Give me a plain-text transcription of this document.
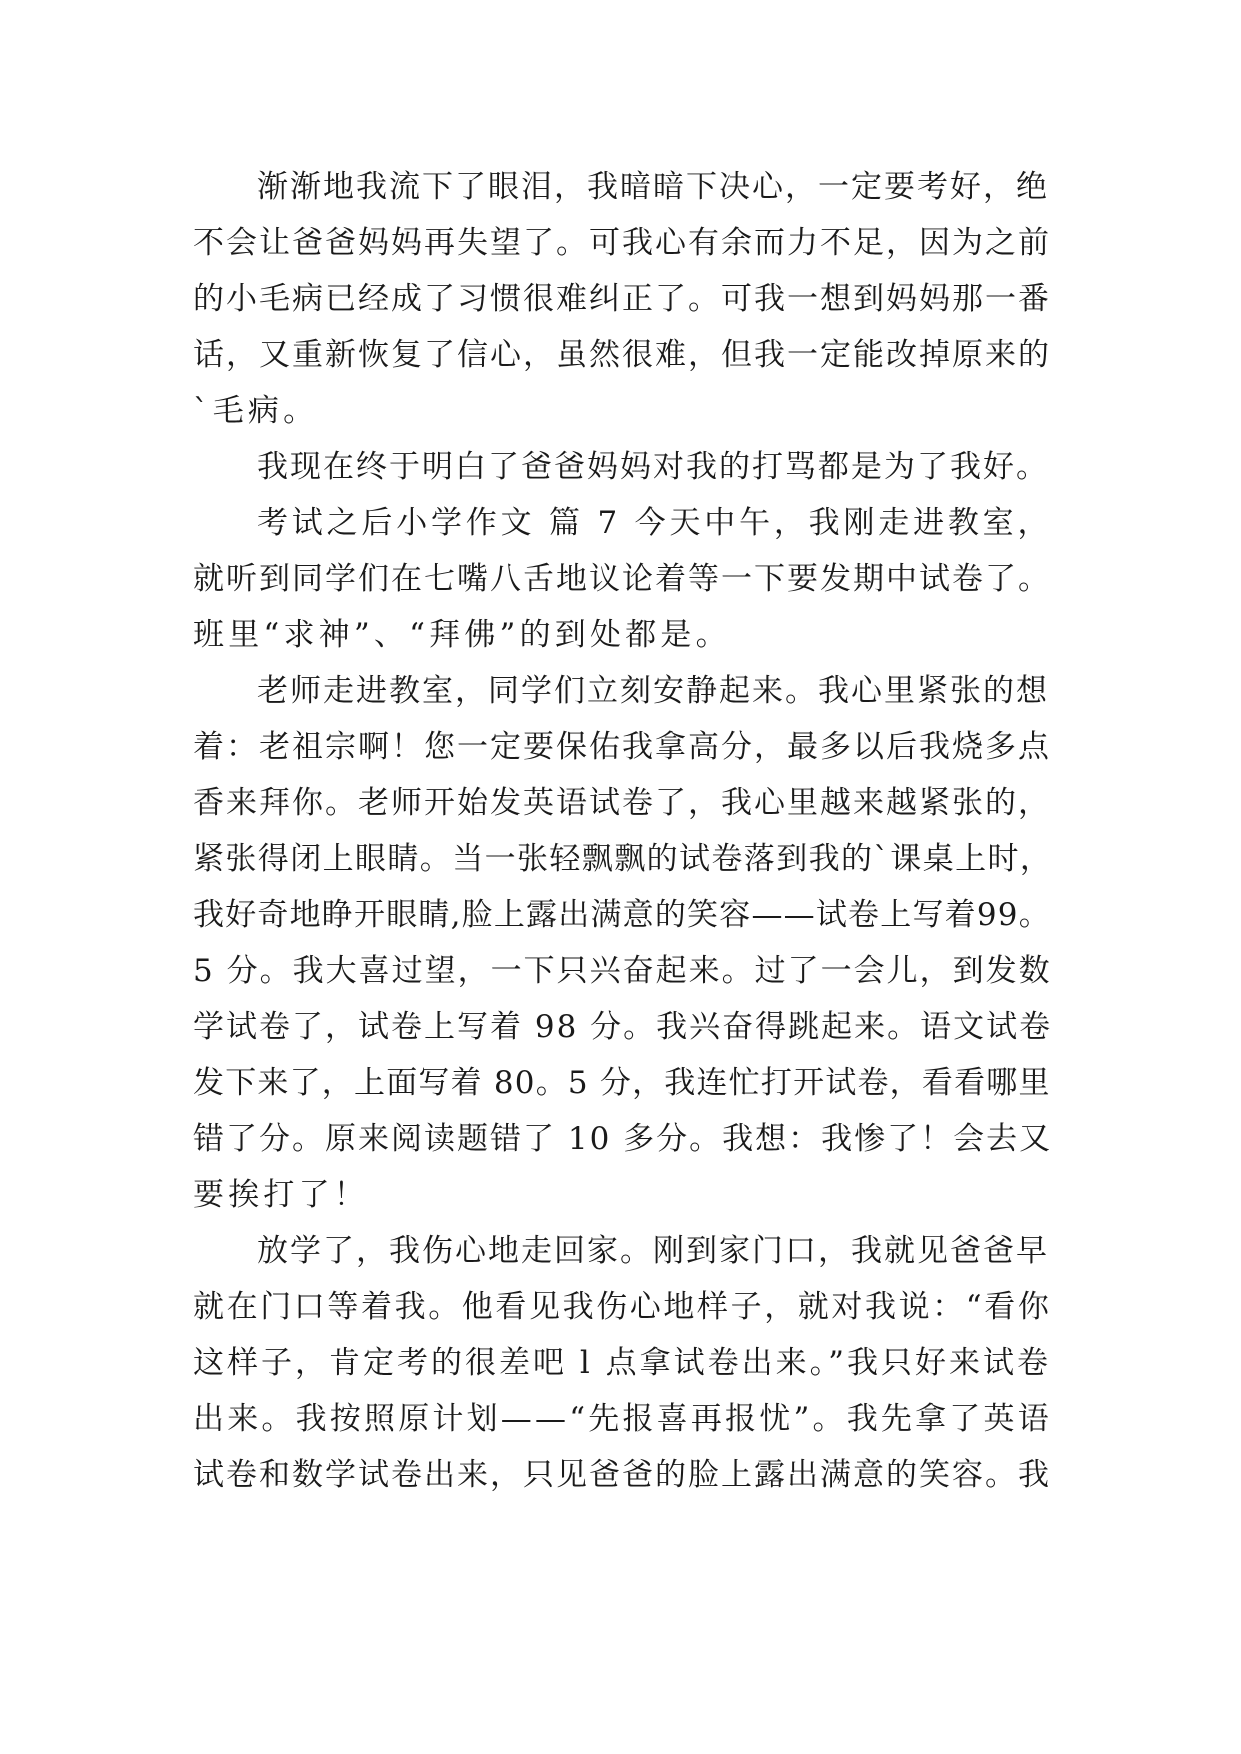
渐渐地我流下了眼泪，我暗暗下决心，一定要考好，绝
不会让爸爸妈妈再失望了。可我心有余而力不足，因为之前
的小毛病已经成了习惯很难纠正了。可我一想到妈妈那一番
话，又重新恢复了信心，虽然很难，但我一定能改掉原来的
`毛病。
我现在终于明白了爸爸妈妈对我的打骂都是为了我好。
考试之后小学作文 篇 7 今天中午，我刚走进教室，
就听到同学们在七嘴八舌地议论着等一下要发期中试卷了。
班里“求神”、“拜佛”的到处都是。
老师走进教室，同学们立刻安静起来。我心里紧张的想
着：老祖宗啊！您一定要保佑我拿高分，最多以后我烧多点
香来拜你。老师开始发英语试卷了，我心里越来越紧张的，
紧张得闭上眼睛。当一张轻飘飘的试卷落到我的`课桌上时，
我好奇地睁开眼睛,脸上露出满意的笑容——试卷上写着99。
5 分。我大喜过望，一下只兴奋起来。过了一会儿，到发数
学试卷了，试卷上写着 98 分。我兴奋得跳起来。语文试卷
发下来了，上面写着 80。5 分，我连忙打开试卷，看看哪里
错了分。原来阅读题错了 10 多分。我想：我惨了！会去又
要挨打了！
放学了，我伤心地走回家。刚到家门口，我就见爸爸早
就在门口等着我。他看见我伤心地样子，就对我说：“看你
这样子，肯定考的很差吧 l 点拿试卷出来。”我只好来试卷
出来。我按照原计划——“先报喜再报忧”。我先拿了英语
试卷和数学试卷出来，只见爸爸的脸上露出满意的笑容。我
